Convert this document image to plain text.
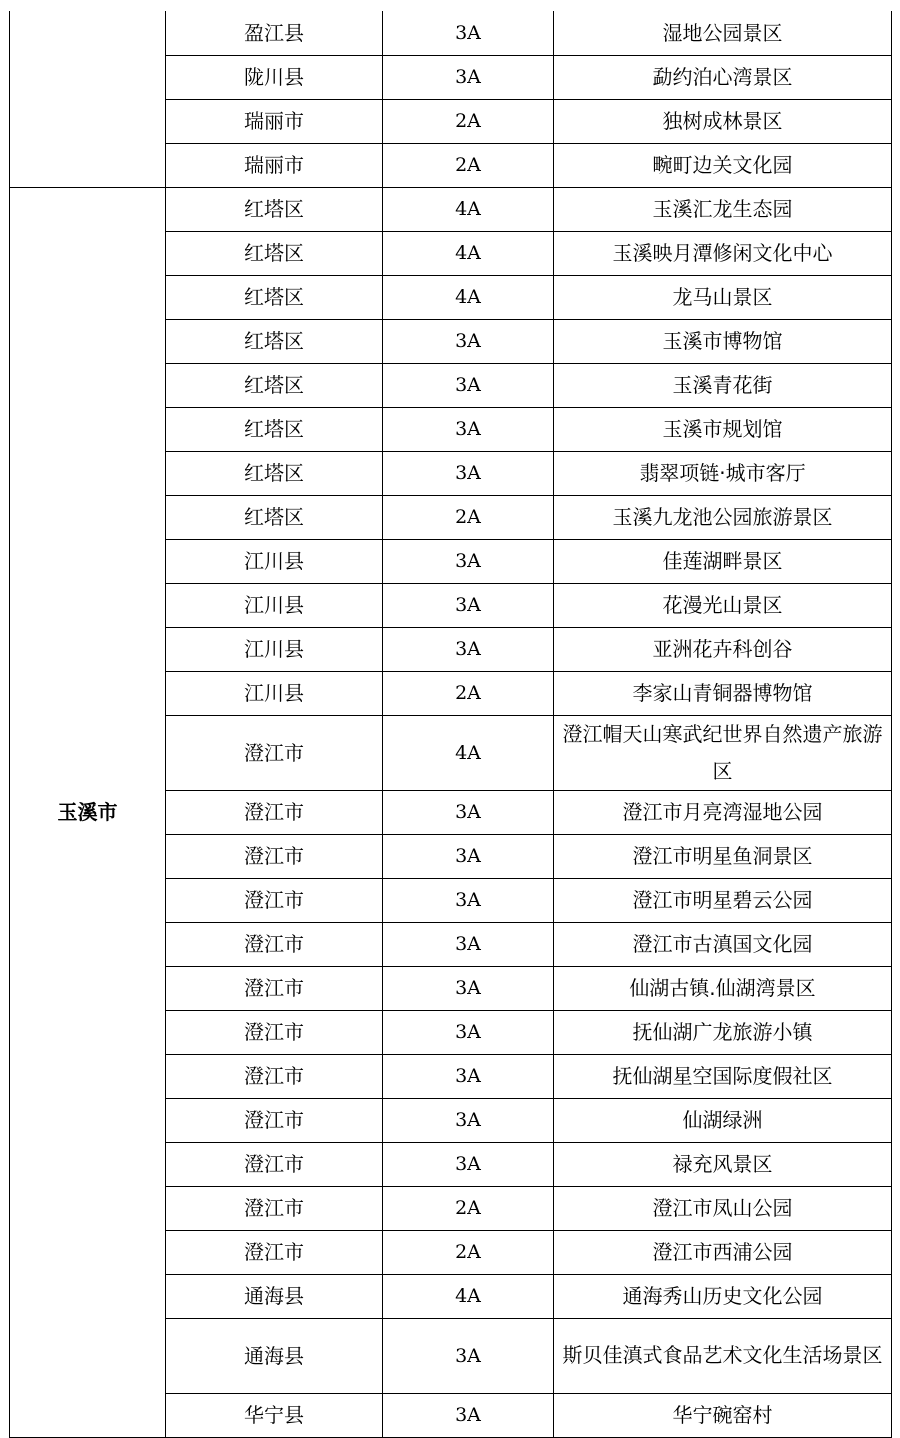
	盈江县	3A	湿地公园景区
	陇川县	3A	勐约泊心湾景区
	瑞丽市	2A	独树成林景区
	瑞丽市	2A	畹町边关文化园
玉溪市	红塔区	4A	玉溪汇龙生态园
	红塔区	4A	玉溪映月潭修闲文化中心
	红塔区	4A	龙马山景区
	红塔区	3A	玉溪市博物馆
	红塔区	3A	玉溪青花街
	红塔区	3A	玉溪市规划馆
	红塔区	3A	翡翠项链·城市客厅
	红塔区	2A	玉溪九龙池公园旅游景区
	江川县	3A	佳莲湖畔景区
	江川县	3A	花漫光山景区
	江川县	3A	亚洲花卉科创谷
	江川县	2A	李家山青铜器博物馆
	澄江市	4A	澄江帽天山寒武纪世界自然遗产旅游区
	澄江市	3A	澄江市月亮湾湿地公园
	澄江市	3A	澄江市明星鱼洞景区
	澄江市	3A	澄江市明星碧云公园
	澄江市	3A	澄江市古滇国文化园
	澄江市	3A	仙湖古镇.仙湖湾景区
	澄江市	3A	抚仙湖广龙旅游小镇
	澄江市	3A	抚仙湖星空国际度假社区
	澄江市	3A	仙湖绿洲
	澄江市	3A	禄充风景区
	澄江市	2A	澄江市凤山公园
	澄江市	2A	澄江市西浦公园
	通海县	4A	通海秀山历史文化公园
	通海县	3A	斯贝佳滇式食品艺术文化生活场景区
	华宁县	3A	华宁碗窑村
